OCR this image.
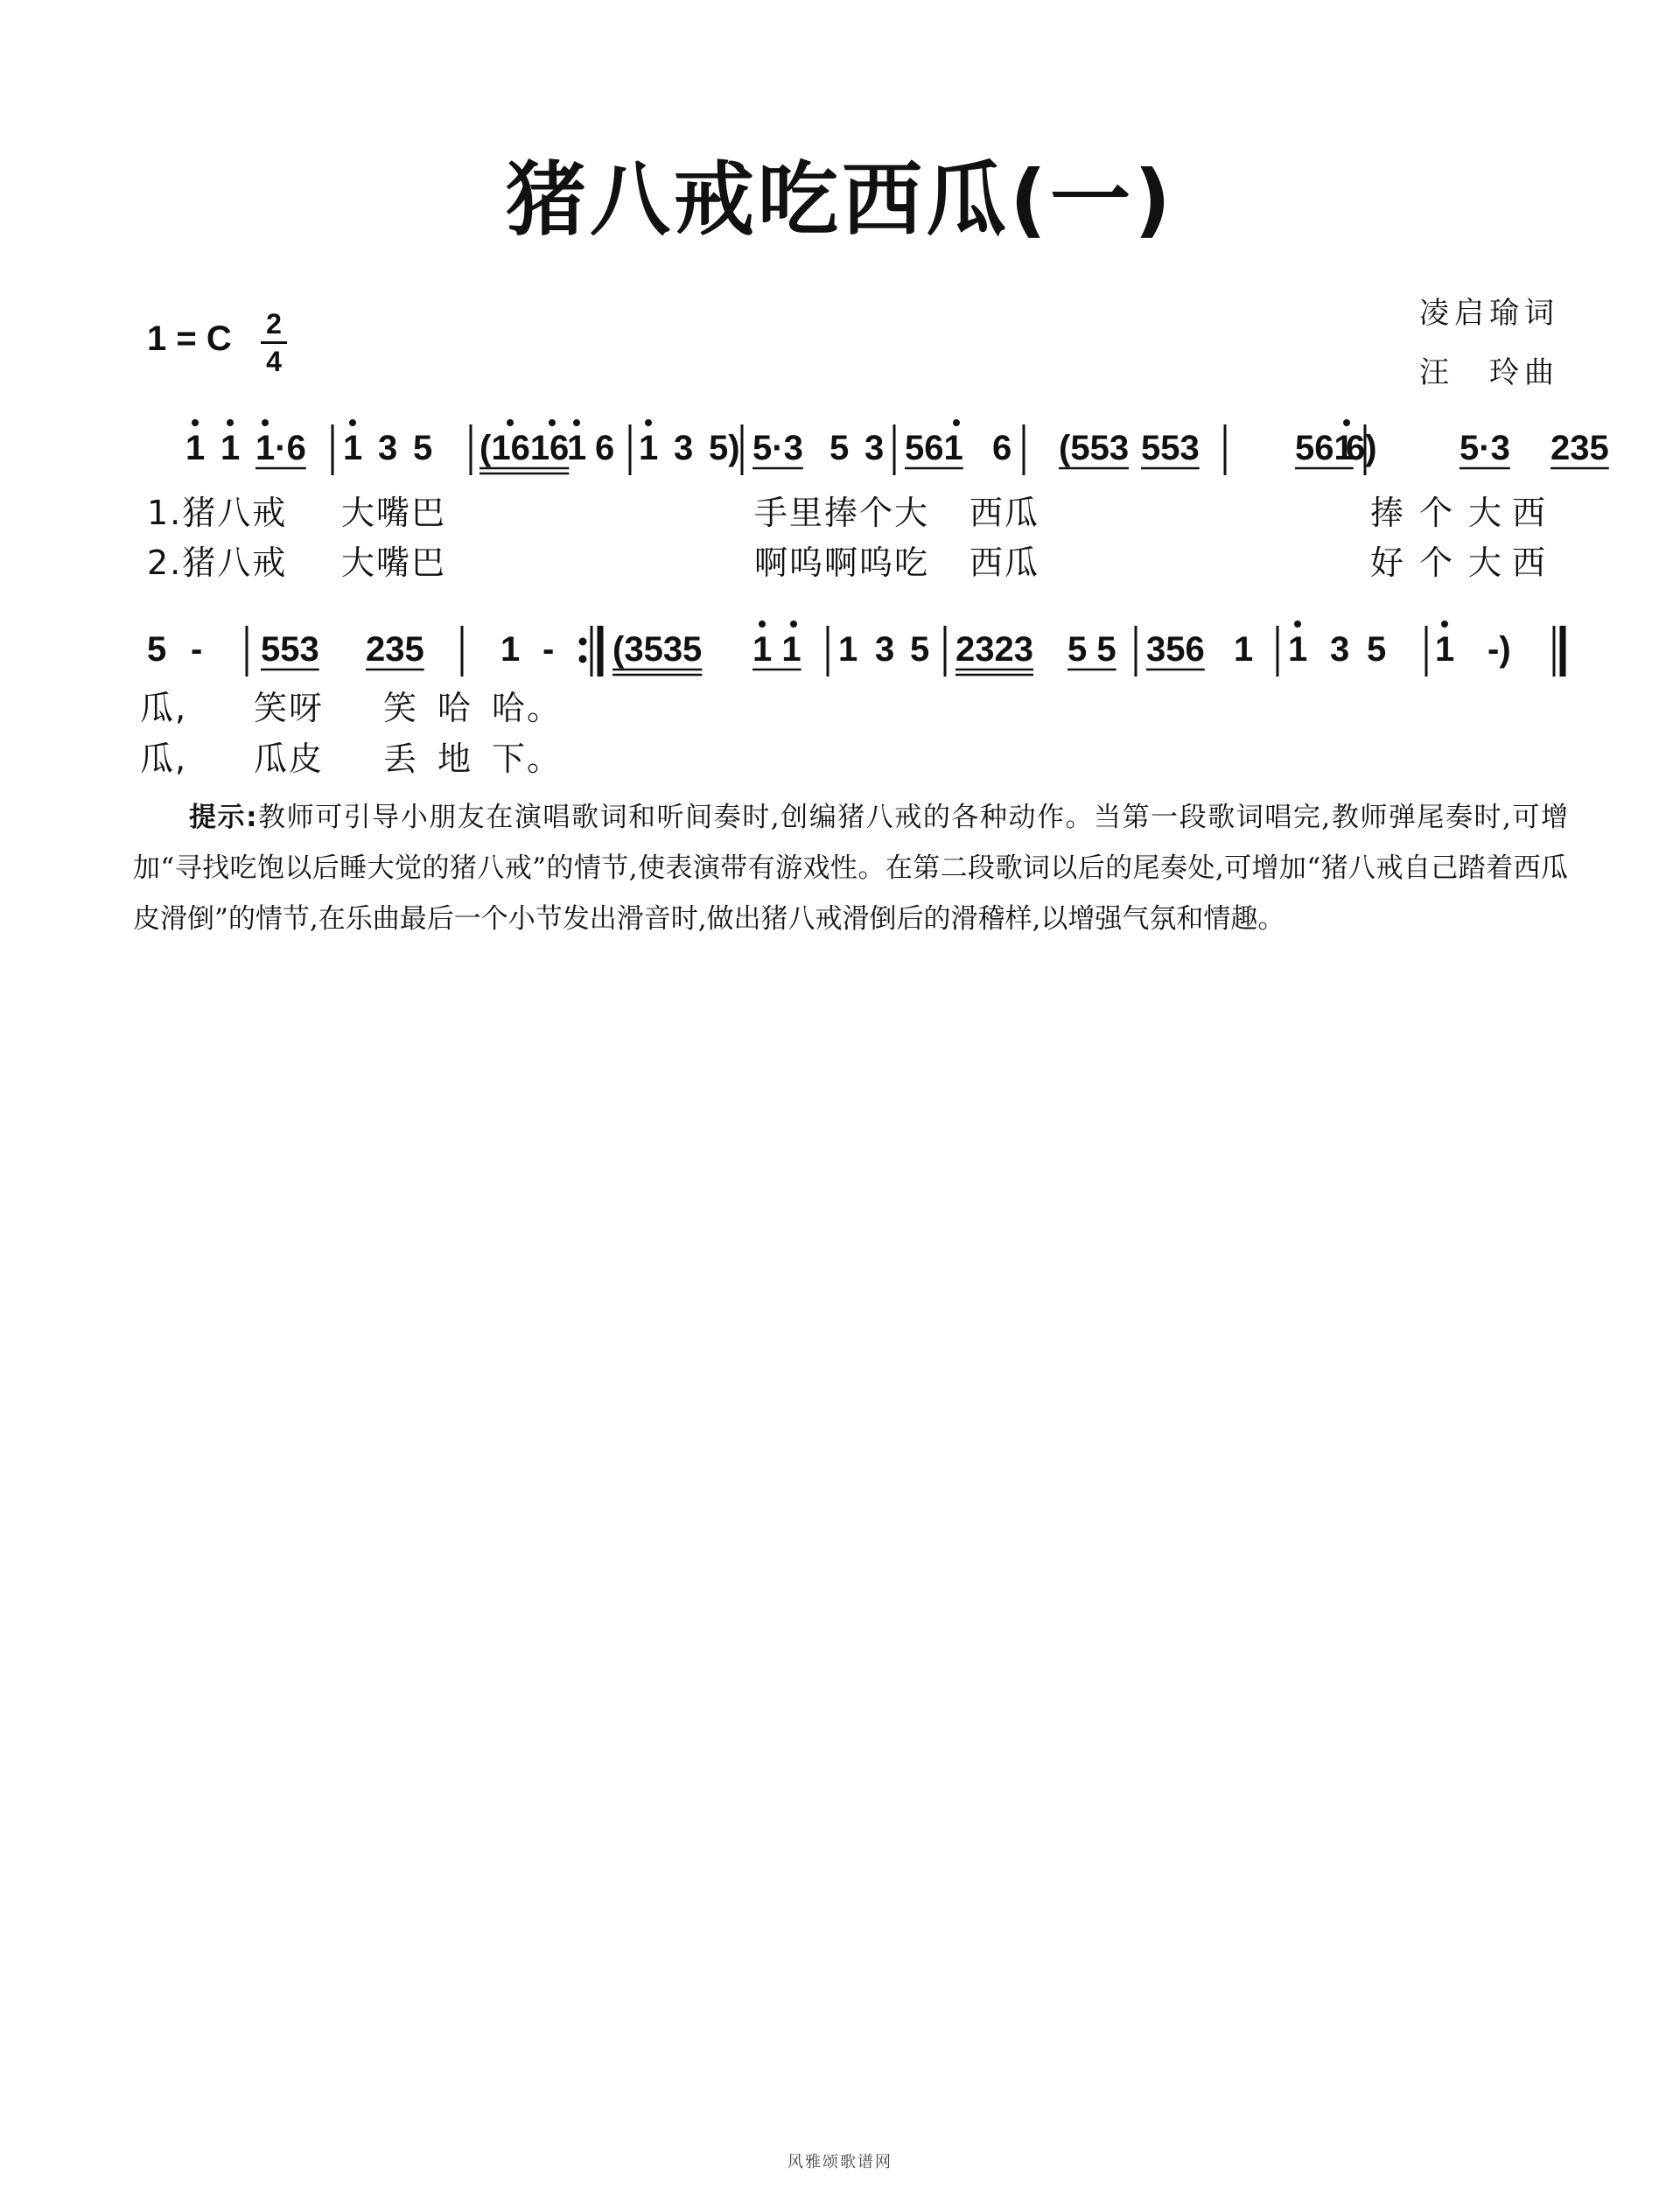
猪八戒吃西瓜(一)
1 = C 2
4
凌启瑜词
汪　玲曲
1 1 1·6 1 3 5 (1616
1 6 1 3 5) 5·3 5 3 561 6 (553 553	561
6) 5·3 235
1.猪八戒 大嘴巴	手里捧个大 西瓜	捧个大
西
2.猪八戒 大嘴巴	啊呜啊呜吃 西瓜	好个大
西
5 - 553 235 1 - (3535 1 1 1 3 5 2323 5 5 356 1 1 3 5 1 -)
瓜, 笑呀 笑 哈 哈。
瓜, 瓜皮 丢 地 下。
提示:教师可引导小朋友在演唱歌词和听间奏时,创编猪八戒的各种动作。当第一段歌词唱完,教师弹尾奏时,可增加“寻找吃饱以后睡大觉的猪八戒”的情节,使表演带有游戏性。在第二段歌词以后的尾奏处,可增加“猪八戒自己踏着西瓜皮滑倒”的情节,在乐曲最后一个小节发出滑音时,做出猪八戒滑倒后的滑稽样,以增强气氛和情趣。
风雅颂歌谱网
